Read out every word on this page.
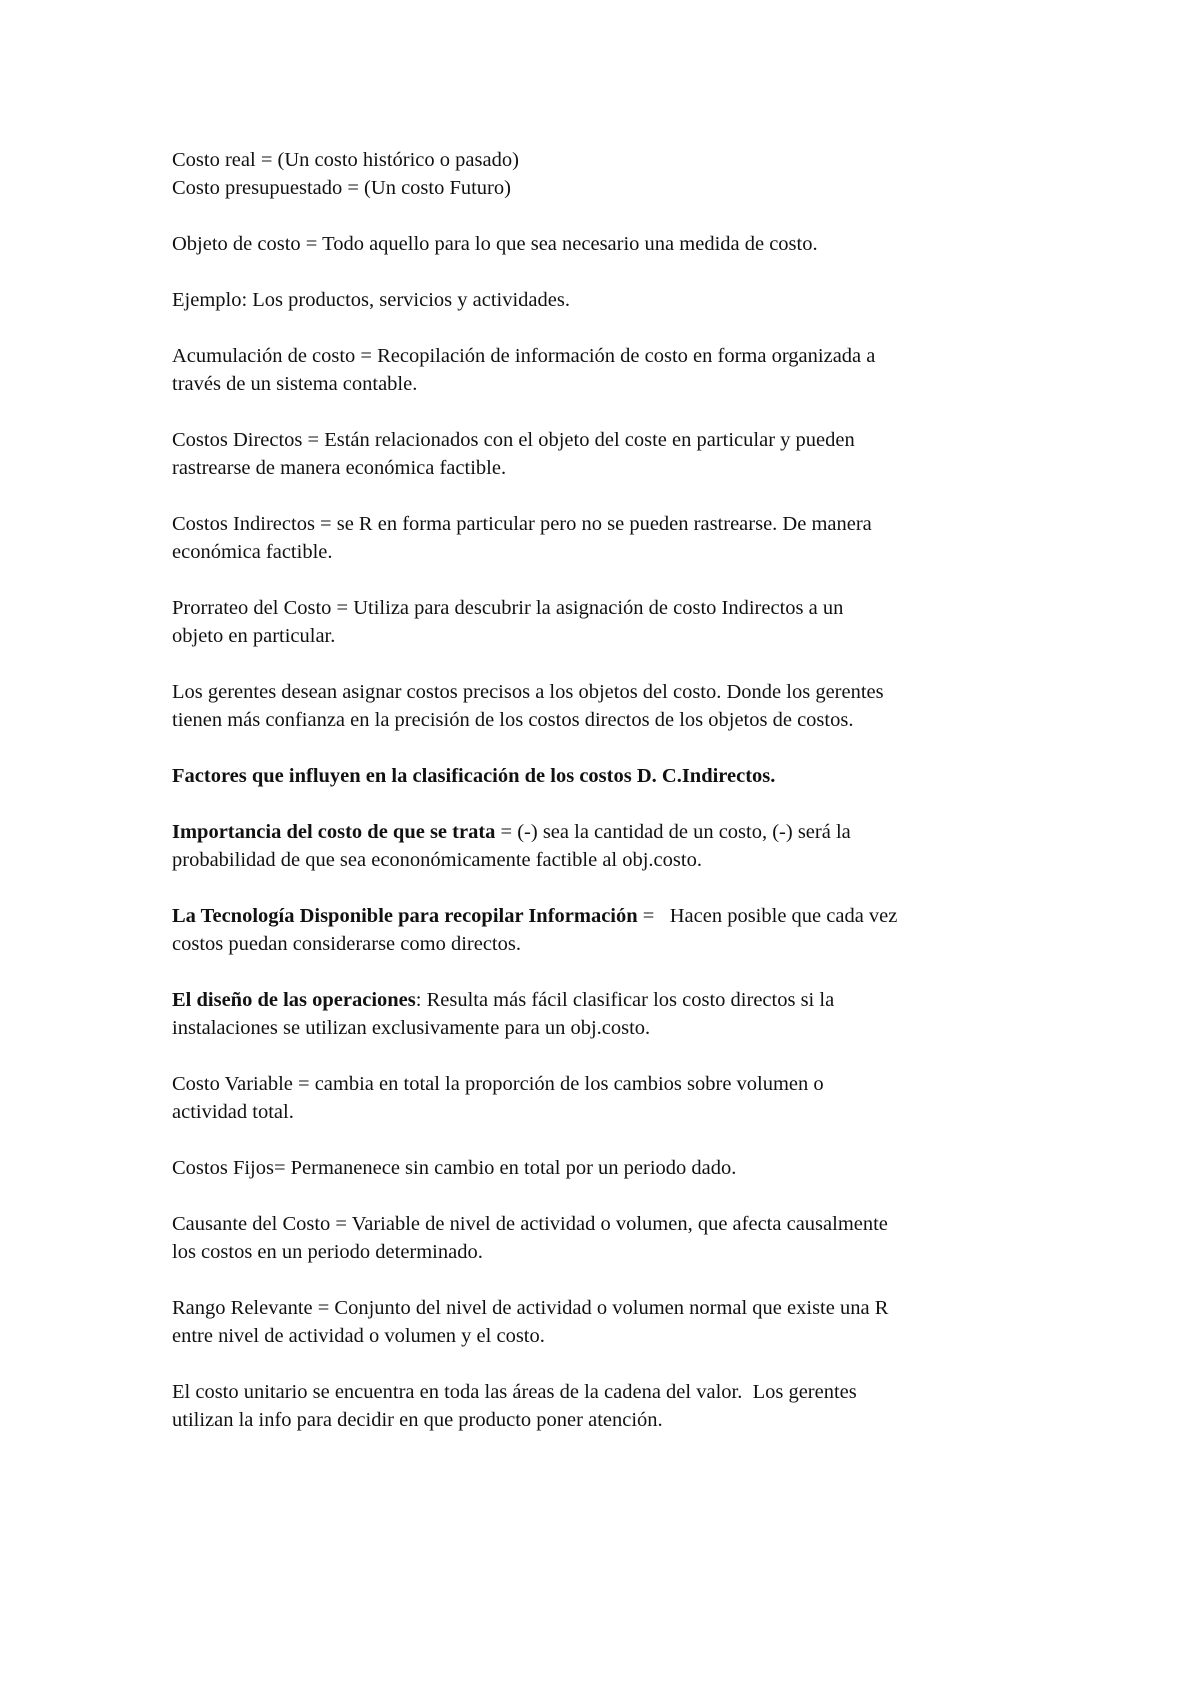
Costo real = (Un costo histórico o pasado)
Costo presupuestado = (Un costo Futuro)
Objeto de costo = Todo aquello para lo que sea necesario una medida de costo.
Ejemplo: Los productos, servicios y actividades.
Acumulación de costo = Recopilación de información de costo en forma organizada a
través de un sistema contable.
Costos Directos = Están relacionados con el objeto del coste en particular y pueden
rastrearse de manera económica factible.
Costos Indirectos = se R en forma particular pero no se pueden rastrearse. De manera
económica factible.
Prorrateo del Costo = Utiliza para descubrir la asignación de costo Indirectos a un
objeto en particular.
Los gerentes desean asignar costos precisos a los objetos del costo. Donde los gerentes
tienen más confianza en la precisión de los costos directos de los objetos de costos.
Factores que influyen en la clasificación de los costos D. C.Indirectos.
Importancia del costo de que se trata = (-) sea la cantidad de un costo, (-) será la
probabilidad de que sea econonómicamente factible al obj.costo.
La Tecnología Disponible para recopilar Información =   Hacen posible que cada vez
costos puedan considerarse como directos.
El diseño de las operaciones: Resulta más fácil clasificar los costo directos si la
instalaciones se utilizan exclusivamente para un obj.costo.
Costo Variable = cambia en total la proporción de los cambios sobre volumen o
actividad total.
Costos Fijos= Permanenece sin cambio en total por un periodo dado.
Causante del Costo = Variable de nivel de actividad o volumen, que afecta causalmente
los costos en un periodo determinado.
Rango Relevante = Conjunto del nivel de actividad o volumen normal que existe una R
entre nivel de actividad o volumen y el costo.
El costo unitario se encuentra en toda las áreas de la cadena del valor.  Los gerentes
utilizan la info para decidir en que producto poner atención.
